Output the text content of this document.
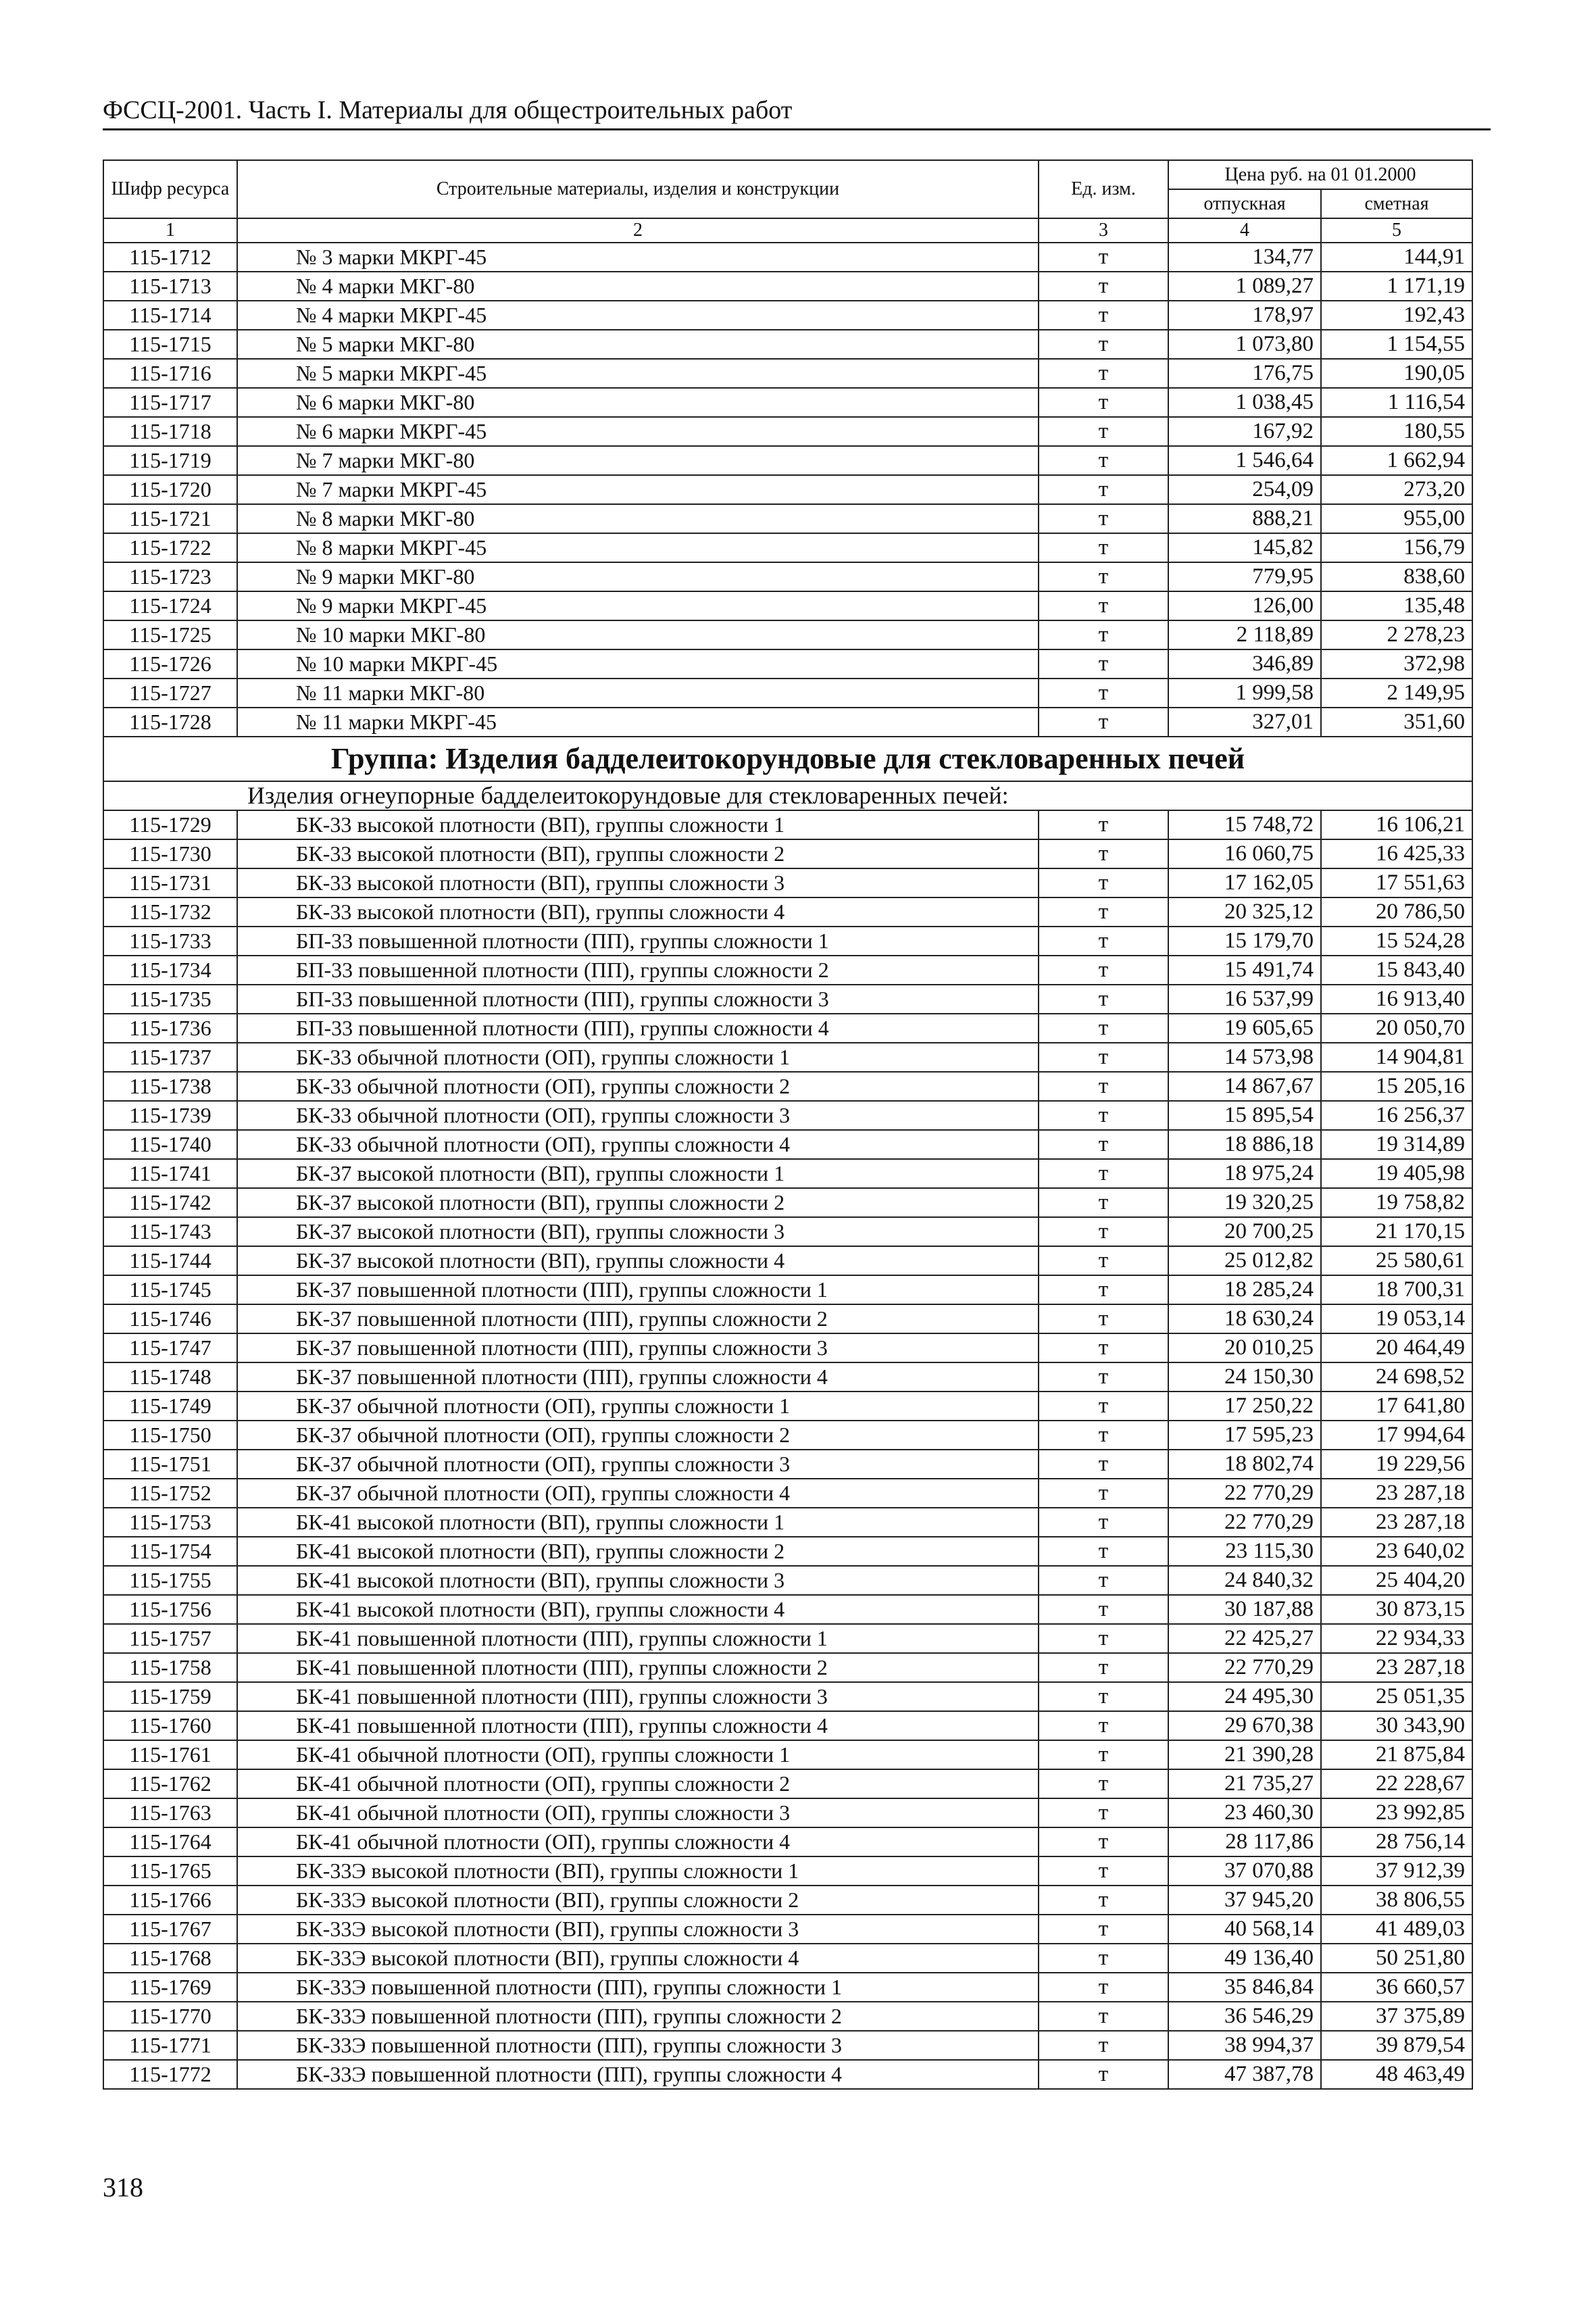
ФССЦ-2001. Часть I. Материалы для общестроительных работ
Шифр ресурса	Строительные материалы, изделия и конструкции	Ед. изм.	Цена руб. на 01 01.2000	
			отпускная	сметная
1	2	3	4	5
115-1712	№ 3 марки МКРГ-45	т	134,77	144,91
115-1713	№ 4 марки МКГ-80	т	1 089,27	1 171,19
115-1714	№ 4 марки МКРГ-45	т	178,97	192,43
115-1715	№ 5 марки МКГ-80	т	1 073,80	1 154,55
115-1716	№ 5 марки МКРГ-45	т	176,75	190,05
115-1717	№ 6 марки МКГ-80	т	1 038,45	1 116,54
115-1718	№ 6 марки МКРГ-45	т	167,92	180,55
115-1719	№ 7 марки МКГ-80	т	1 546,64	1 662,94
115-1720	№ 7 марки МКРГ-45	т	254,09	273,20
115-1721	№ 8 марки МКГ-80	т	888,21	955,00
115-1722	№ 8 марки МКРГ-45	т	145,82	156,79
115-1723	№ 9 марки МКГ-80	т	779,95	838,60
115-1724	№ 9 марки МКРГ-45	т	126,00	135,48
115-1725	№ 10 марки МКГ-80	т	2 118,89	2 278,23
115-1726	№ 10 марки МКРГ-45	т	346,89	372,98
115-1727	№ 11 марки МКГ-80	т	1 999,58	2 149,95
115-1728	№ 11 марки МКРГ-45	т	327,01	351,60
Группа: Изделия бадделеитокорундовые для стекловаренных печей				
Изделия огнеупорные бадделеитокорундовые для стекловаренных печей:				
115-1729	БК-33 высокой плотности (ВП), группы сложности 1	т	15 748,72	16 106,21
115-1730	БК-33 высокой плотности (ВП), группы сложности 2	т	16 060,75	16 425,33
115-1731	БК-33 высокой плотности (ВП), группы сложности 3	т	17 162,05	17 551,63
115-1732	БК-33 высокой плотности (ВП), группы сложности 4	т	20 325,12	20 786,50
115-1733	БП-33 повышенной плотности (ПП), группы сложности 1	т	15 179,70	15 524,28
115-1734	БП-33 повышенной плотности (ПП), группы сложности 2	т	15 491,74	15 843,40
115-1735	БП-33 повышенной плотности (ПП), группы сложности 3	т	16 537,99	16 913,40
115-1736	БП-33 повышенной плотности (ПП), группы сложности 4	т	19 605,65	20 050,70
115-1737	БК-33 обычной плотности (ОП), группы сложности 1	т	14 573,98	14 904,81
115-1738	БК-33 обычной плотности (ОП), группы сложности 2	т	14 867,67	15 205,16
115-1739	БК-33 обычной плотности (ОП), группы сложности 3	т	15 895,54	16 256,37
115-1740	БК-33 обычной плотности (ОП), группы сложности 4	т	18 886,18	19 314,89
115-1741	БК-37 высокой плотности (ВП), группы сложности 1	т	18 975,24	19 405,98
115-1742	БК-37 высокой плотности (ВП), группы сложности 2	т	19 320,25	19 758,82
115-1743	БК-37 высокой плотности (ВП), группы сложности 3	т	20 700,25	21 170,15
115-1744	БК-37 высокой плотности (ВП), группы сложности 4	т	25 012,82	25 580,61
115-1745	БК-37 повышенной плотности (ПП), группы сложности 1	т	18 285,24	18 700,31
115-1746	БК-37 повышенной плотности (ПП), группы сложности 2	т	18 630,24	19 053,14
115-1747	БК-37 повышенной плотности (ПП), группы сложности 3	т	20 010,25	20 464,49
115-1748	БК-37 повышенной плотности (ПП), группы сложности 4	т	24 150,30	24 698,52
115-1749	БК-37 обычной плотности (ОП), группы сложности 1	т	17 250,22	17 641,80
115-1750	БК-37 обычной плотности (ОП), группы сложности 2	т	17 595,23	17 994,64
115-1751	БК-37 обычной плотности (ОП), группы сложности 3	т	18 802,74	19 229,56
115-1752	БК-37 обычной плотности (ОП), группы сложности 4	т	22 770,29	23 287,18
115-1753	БК-41 высокой плотности (ВП), группы сложности 1	т	22 770,29	23 287,18
115-1754	БК-41 высокой плотности (ВП), группы сложности 2	т	23 115,30	23 640,02
115-1755	БК-41 высокой плотности (ВП), группы сложности 3	т	24 840,32	25 404,20
115-1756	БК-41 высокой плотности (ВП), группы сложности 4	т	30 187,88	30 873,15
115-1757	БК-41 повышенной плотности (ПП), группы сложности 1	т	22 425,27	22 934,33
115-1758	БК-41 повышенной плотности (ПП), группы сложности 2	т	22 770,29	23 287,18
115-1759	БК-41 повышенной плотности (ПП), группы сложности 3	т	24 495,30	25 051,35
115-1760	БК-41 повышенной плотности (ПП), группы сложности 4	т	29 670,38	30 343,90
115-1761	БК-41 обычной плотности (ОП), группы сложности 1	т	21 390,28	21 875,84
115-1762	БК-41 обычной плотности (ОП), группы сложности 2	т	21 735,27	22 228,67
115-1763	БК-41 обычной плотности (ОП), группы сложности 3	т	23 460,30	23 992,85
115-1764	БК-41 обычной плотности (ОП), группы сложности 4	т	28 117,86	28 756,14
115-1765	БК-33Э высокой плотности (ВП), группы сложности 1	т	37 070,88	37 912,39
115-1766	БК-33Э высокой плотности (ВП), группы сложности 2	т	37 945,20	38 806,55
115-1767	БК-33Э высокой плотности (ВП), группы сложности 3	т	40 568,14	41 489,03
115-1768	БК-33Э высокой плотности (ВП), группы сложности 4	т	49 136,40	50 251,80
115-1769	БК-33Э повышенной плотности (ПП), группы сложности 1	т	35 846,84	36 660,57
115-1770	БК-33Э повышенной плотности (ПП), группы сложности 2	т	36 546,29	37 375,89
115-1771	БК-33Э повышенной плотности (ПП), группы сложности 3	т	38 994,37	39 879,54
115-1772	БК-33Э повышенной плотности (ПП), группы сложности 4	т	47 387,78	48 463,49
318
